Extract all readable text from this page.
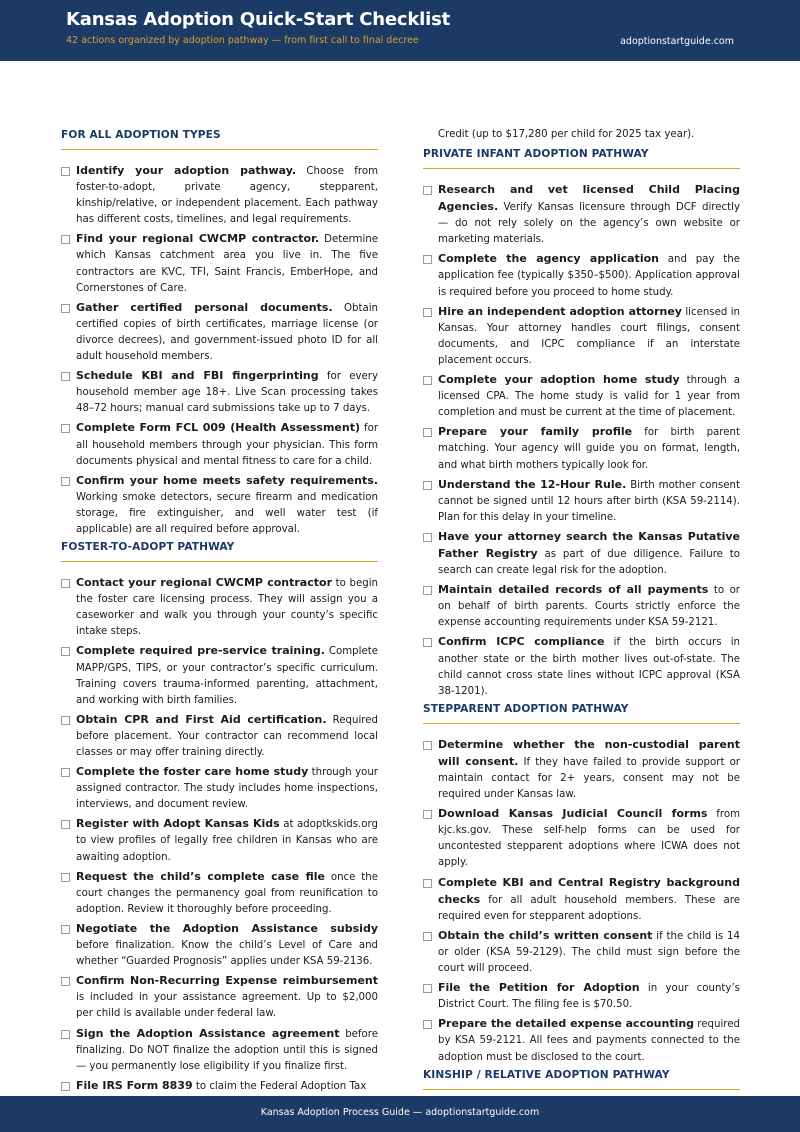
Kansas Adoption Quick-Start Checklist
42 actions organized by adoption pathway — from first call to final decree	adoptionstartguide.com
FOR ALL ADOPTION TYPES
Identify your adoption pathway. Choose from foster-to-adopt, private agency, stepparent, kinship/relative, or independent placement. Each pathway has different costs, timelines, and legal requirements.
Find your regional CWCMP contractor. Determine which Kansas catchment area you live in. The five contractors are KVC, TFI, Saint Francis, EmberHope, and Cornerstones of Care.
Gather certified personal documents. Obtain certified copies of birth certificates, marriage license (or divorce decrees), and government-issued photo ID for all adult household members.
Schedule KBI and FBI fingerprinting for every household member age 18+. Live Scan processing takes 48–72 hours; manual card submissions take up to 7 days.
Complete Form FCL 009 (Health Assessment) for all household members through your physician. This form documents physical and mental fitness to care for a child.
Confirm your home meets safety requirements. Working smoke detectors, secure firearm and medication storage, fire extinguisher, and well water test (if applicable) are all required before approval.
FOSTER-TO-ADOPT PATHWAY
Contact your regional CWCMP contractor to begin the foster care licensing process. They will assign you a caseworker and walk you through your county’s specific intake steps.
Complete required pre-service training. Complete MAPP/GPS, TIPS, or your contractor’s specific curriculum. Training covers trauma-informed parenting, attachment, and working with birth families.
Obtain CPR and First Aid certification. Required before placement. Your contractor can recommend local classes or may offer training directly.
Complete the foster care home study through your assigned contractor. The study includes home inspections, interviews, and document review.
Register with Adopt Kansas Kids at adoptkskids.org to view profiles of legally free children in Kansas who are awaiting adoption.
Request the child’s complete case file once the court changes the permanency goal from reunification to adoption. Review it thoroughly before proceeding.
Negotiate the Adoption Assistance subsidy before finalization. Know the child’s Level of Care and whether “Guarded Prognosis” applies under KSA 59-2136.
Confirm Non-Recurring Expense reimbursement is included in your assistance agreement. Up to $2,000 per child is available under federal law.
Sign the Adoption Assistance agreement before finalizing. Do NOT finalize the adoption until this is signed — you permanently lose eligibility if you finalize first.
File IRS Form 8839 to claim the Federal Adoption Tax
Credit (up to $17,280 per child for 2025 tax year).
PRIVATE INFANT ADOPTION PATHWAY
Research and vet licensed Child Placing Agencies. Verify Kansas licensure through DCF directly — do not rely solely on the agency’s own website or marketing materials.
Complete the agency application and pay the application fee (typically $350–$500). Application approval is required before you proceed to home study.
Hire an independent adoption attorney licensed in Kansas. Your attorney handles court filings, consent documents, and ICPC compliance if an interstate placement occurs.
Complete your adoption home study through a licensed CPA. The home study is valid for 1 year from completion and must be current at the time of placement.
Prepare your family profile for birth parent matching. Your agency will guide you on format, length, and what birth mothers typically look for.
Understand the 12-Hour Rule. Birth mother consent cannot be signed until 12 hours after birth (KSA 59-2114). Plan for this delay in your timeline.
Have your attorney search the Kansas Putative Father Registry as part of due diligence. Failure to search can create legal risk for the adoption.
Maintain detailed records of all payments to or on behalf of birth parents. Courts strictly enforce the expense accounting requirements under KSA 59-2121.
Confirm ICPC compliance if the birth occurs in another state or the birth mother lives out-of-state. The child cannot cross state lines without ICPC approval (KSA 38-1201).
STEPPARENT ADOPTION PATHWAY
Determine whether the non-custodial parent will consent. If they have failed to provide support or maintain contact for 2+ years, consent may not be required under Kansas law.
Download Kansas Judicial Council forms from kjc.ks.gov. These self-help forms can be used for uncontested stepparent adoptions where ICWA does not apply.
Complete KBI and Central Registry background checks for all adult household members. These are required even for stepparent adoptions.
Obtain the child’s written consent if the child is 14 or older (KSA 59-2129). The child must sign before the court will proceed.
File the Petition for Adoption in your county’s District Court. The filing fee is $70.50.
Prepare the detailed expense accounting required by KSA 59-2121. All fees and payments connected to the adoption must be disclosed to the court.
KINSHIP / RELATIVE ADOPTION PATHWAY
Kansas Adoption Process Guide — adoptionstartguide.com
